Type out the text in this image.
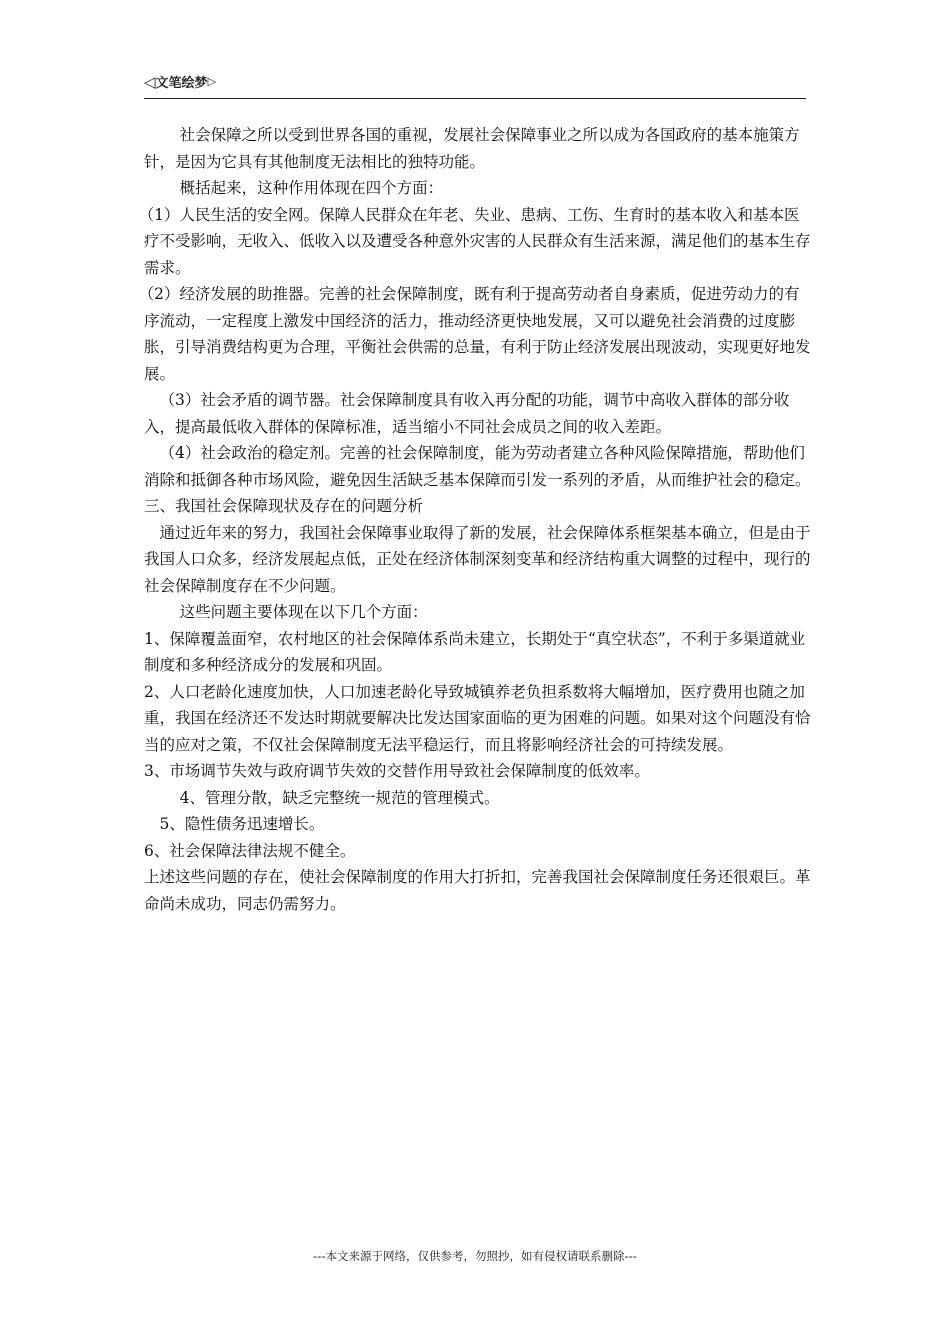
◁文笔绘梦▷

社会保障之所以受到世界各国的重视，发展社会保障事业之所以成为各国政府的基本施策方针，是因为它具有其他制度无法相比的独特功能。

概括起来，这种作用体现在四个方面：

（1）人民生活的安全网。保障人民群众在年老、失业、患病、工伤、生育时的基本收入和基本医疗不受影响，无收入、低收入以及遭受各种意外灾害的人民群众有生活来源，满足他们的基本生存需求。

（2）经济发展的助推器。完善的社会保障制度，既有利于提高劳动者自身素质，促进劳动力的有序流动，一定程度上激发中国经济的活力，推动经济更快地发展，又可以避免社会消费的过度膨胀，引导消费结构更为合理，平衡社会供需的总量，有利于防止经济发展出现波动，实现更好地发展。

（3）社会矛盾的调节器。社会保障制度具有收入再分配的功能，调节中高收入群体的部分收入，提高最低收入群体的保障标准，适当缩小不同社会成员之间的收入差距。

（4）社会政治的稳定剂。完善的社会保障制度，能为劳动者建立各种风险保障措施，帮助他们消除和抵御各种市场风险，避免因生活缺乏基本保障而引发一系列的矛盾，从而维护社会的稳定。

三、我国社会保障现状及存在的问题分析

通过近年来的努力，我国社会保障事业取得了新的发展，社会保障体系框架基本确立，但是由于我国人口众多，经济发展起点低，正处在经济体制深刻变革和经济结构重大调整的过程中，现行的社会保障制度存在不少问题。

这些问题主要体现在以下几个方面：

1、保障覆盖面窄，农村地区的社会保障体系尚未建立，长期处于“真空状态”，不利于多渠道就业制度和多种经济成分的发展和巩固。

2、人口老龄化速度加快，人口加速老龄化导致城镇养老负担系数将大幅增加，医疗费用也随之加重，我国在经济还不发达时期就要解决比发达国家面临的更为困难的问题。如果对这个问题没有恰当的应对之策，不仅社会保障制度无法平稳运行，而且将影响经济社会的可持续发展。

3、市场调节失效与政府调节失效的交替作用导致社会保障制度的低效率。

4、管理分散，缺乏完整统一规范的管理模式。

5、隐性债务迅速增长。

6、社会保障法律法规不健全。

上述这些问题的存在，使社会保障制度的作用大打折扣，完善我国社会保障制度任务还很艰巨。革命尚未成功，同志仍需努力。

---本文来源于网络，仅供参考，勿照抄，如有侵权请联系删除---
